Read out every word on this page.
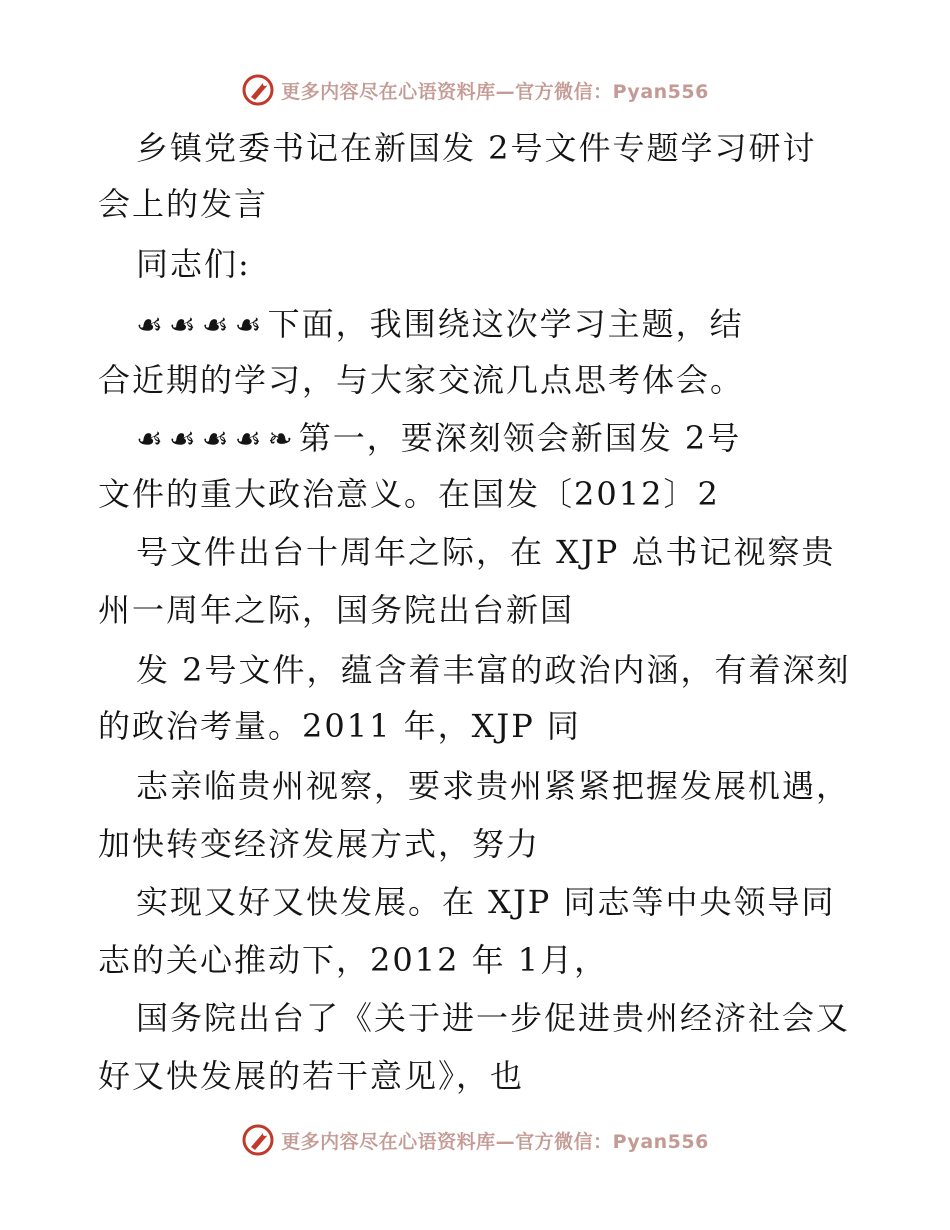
更多内容尽在心语资料库—官方微信：Pyan556
乡镇党委书记在新国发 2号文件专题学习研讨
会上的发言
同志们:
☙☙☙☙下面，我围绕这次学习主题，结
合近期的学习，与大家交流几点思考体会。
☙☙☙☙❧第一，要深刻领会新国发 2号
文件的重大政治意义。在国发〔2012〕2
号文件出台十周年之际，在 XJP 总书记视察贵
州一周年之际，国务院出台新国
发 2号文件，蕴含着丰富的政治内涵，有着深刻
的政治考量。2011 年，XJP 同
志亲临贵州视察，要求贵州紧紧把握发展机遇，
加快转变经济发展方式，努力
实现又好又快发展。在 XJP 同志等中央领导同
志的关心推动下，2012 年 1月，
国务院出台了《关于进一步促进贵州经济社会又
好又快发展的若干意见》，也
更多内容尽在心语资料库—官方微信：Pyan556
